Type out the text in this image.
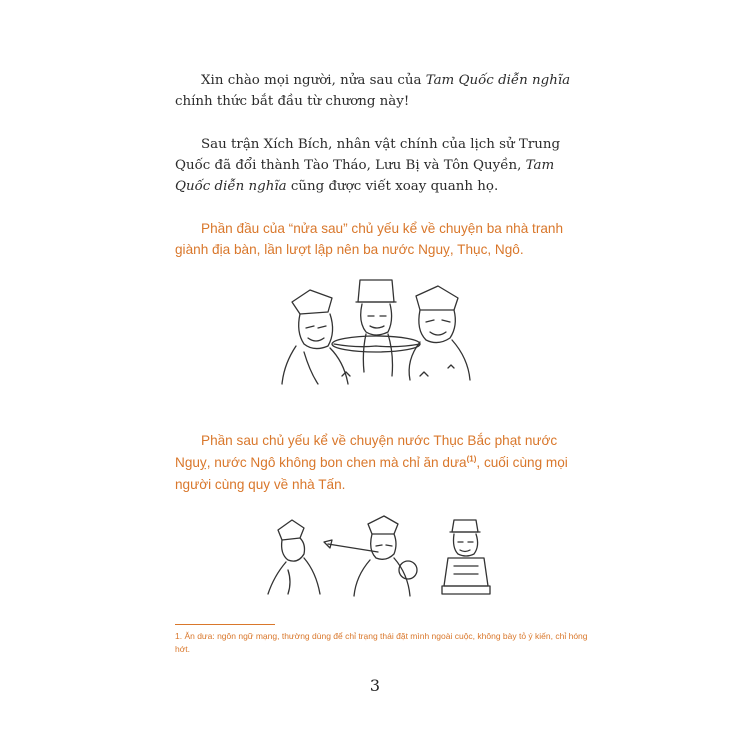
Xin chào mọi người, nửa sau của Tam Quốc diễn nghĩa chính thức bắt đầu từ chương này!

Sau trận Xích Bích, nhân vật chính của lịch sử Trung Quốc đã đổi thành Tào Tháo, Lưu Bị và Tôn Quyền, Tam Quốc diễn nghĩa cũng được viết xoay quanh họ.

Phần đầu của “nửa sau” chủ yếu kể về chuyện ba nhà tranh giành địa bàn, lần lượt lập nên ba nước Nguỵ, Thục, Ngô.

Phần sau chủ yếu kể về chuyện nước Thục Bắc phạt nước Nguỵ, nước Ngô không bon chen mà chỉ ăn dưa$^{(1)}$, cuối cùng mọi người cùng quy về nhà Tấn.

1. Ăn dưa: ngôn ngữ mạng, thường dùng để chỉ trạng thái đặt mình ngoài cuộc, không bày tỏ ý kiến, chỉ hóng hớt.

3
